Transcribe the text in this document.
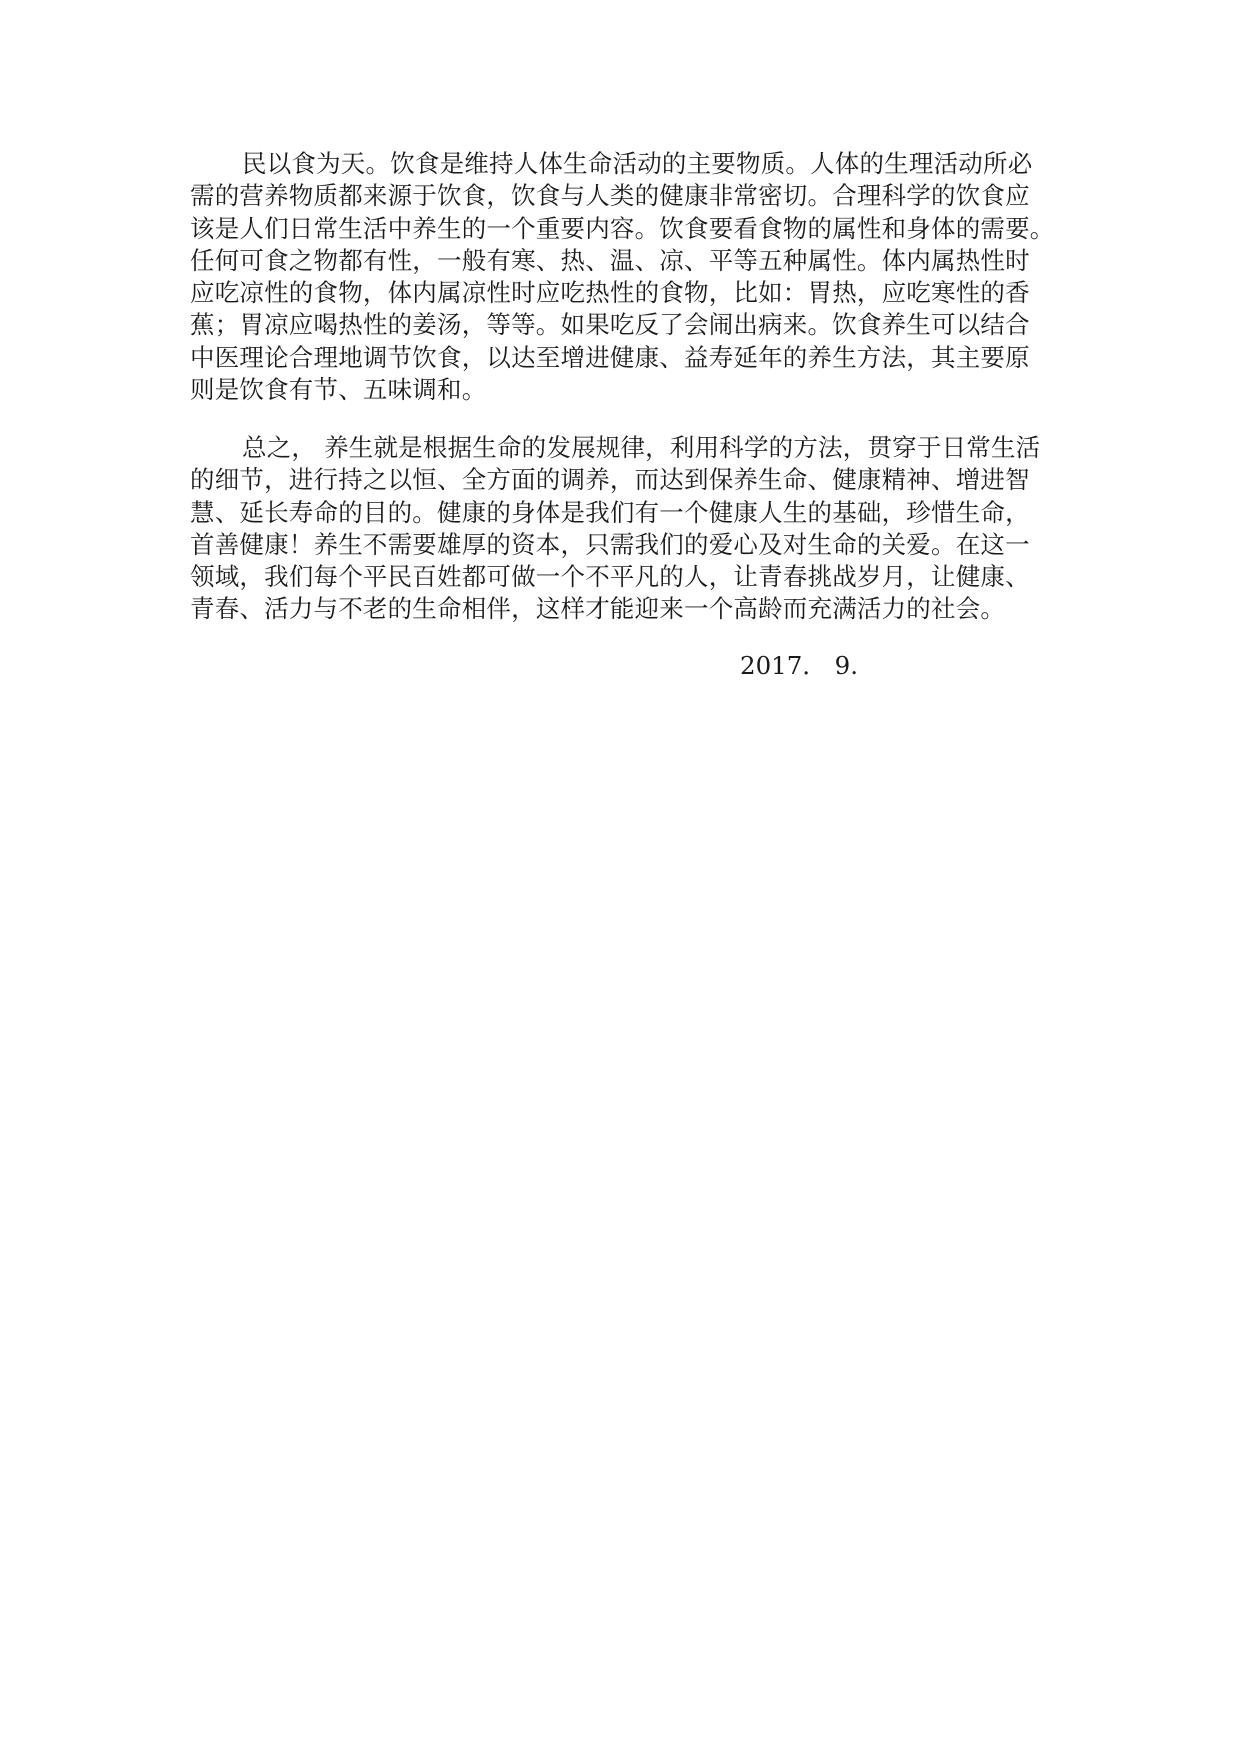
民以食为天。饮食是维持人体生命活动的主要物质。人体的生理活动所必
需的营养物质都来源于饮食，饮食与人类的健康非常密切。合理科学的饮食应
该是人们日常生活中养生的一个重要内容。饮食要看食物的属性和身体的需要。
任何可食之物都有性，一般有寒、热、温、凉、平等五种属性。体内属热性时
应吃凉性的食物，体内属凉性时应吃热性的食物，比如：胃热，应吃寒性的香
蕉；胃凉应喝热性的姜汤，等等。如果吃反了会闹出病来。饮食养生可以结合
中医理论合理地调节饮食，以达至增进健康、益寿延年的养生方法，其主要原
则是饮食有节、五味调和。
总之， 养生就是根据生命的发展规律，利用科学的方法，贯穿于日常生活
的细节，进行持之以恒、全方面的调养，而达到保养生命、健康精神、增进智
慧、延长寿命的目的。健康的身体是我们有一个健康人生的基础，珍惜生命，
首善健康！养生不需要雄厚的资本，只需我们的爱心及对生命的关爱。在这一
领域，我们每个平民百姓都可做一个不平凡的人，让青春挑战岁月，让健康、
青春、活力与不老的生命相伴，这样才能迎来一个高龄而充满活力的社会。
2017． 9.
